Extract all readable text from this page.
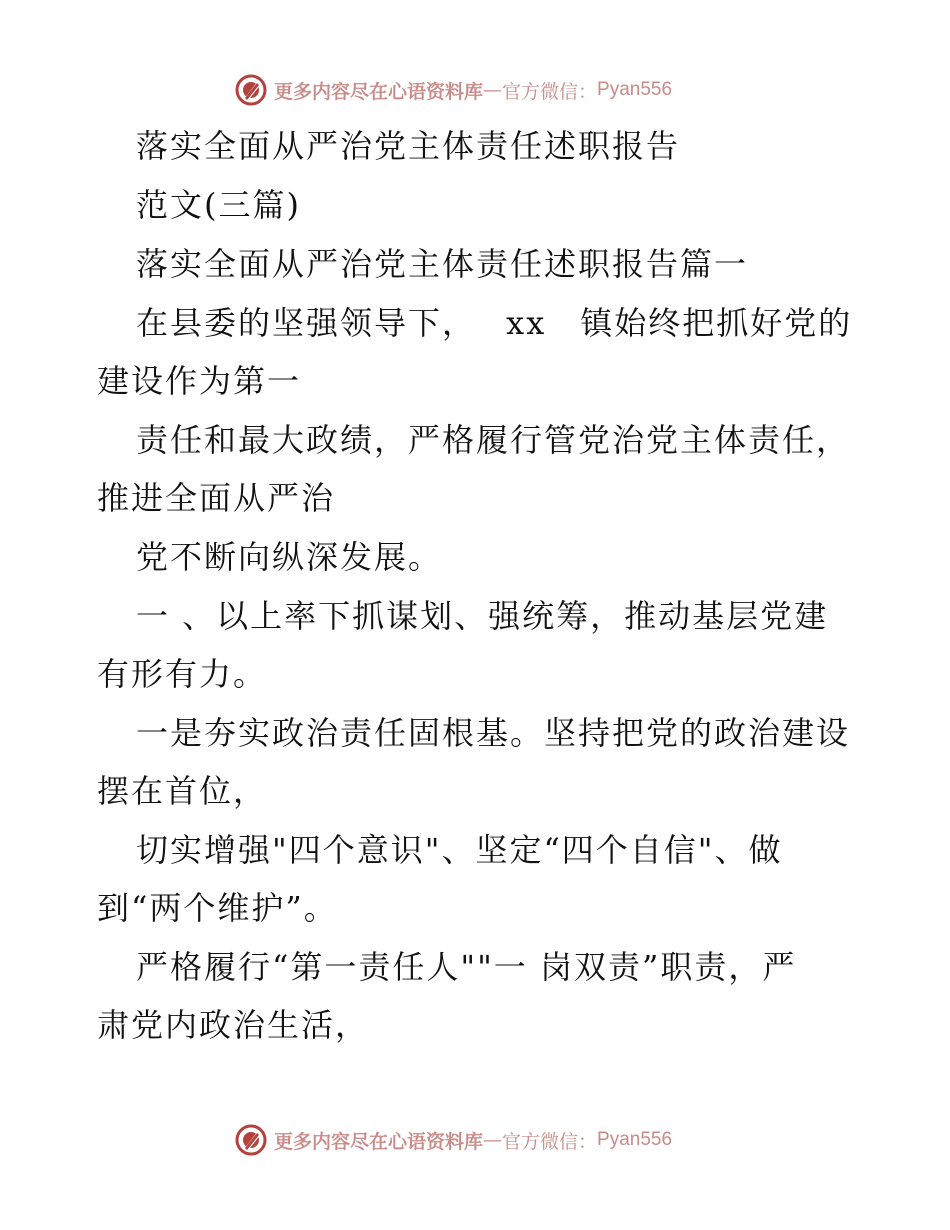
更多内容尽在心语资料库 — 官方微信： Pyan556
落实全面从严治党主体责任述职报告
范文(三篇)
落实全面从严治党主体责任述职报告篇一
在县委的坚强领导下，　 xx　镇始终把抓好党的
建设作为第一
责任和最大政绩，严格履行管党治党主体责任，
推进全面从严治
党不断向纵深发展。
一 、以上率下抓谋划、强统筹，推动基层党建
有形有力。
一是夯实政治责任固根基。坚持把党的政治建设
摆在首位，
切实增强"四个意识"、坚定“四个自信"、做
到“两个维护”。
严格履行“第一责任人""一 岗双责”职责，严
肃党内政治生活，
更多内容尽在心语资料库 — 官方微信： Pyan556
